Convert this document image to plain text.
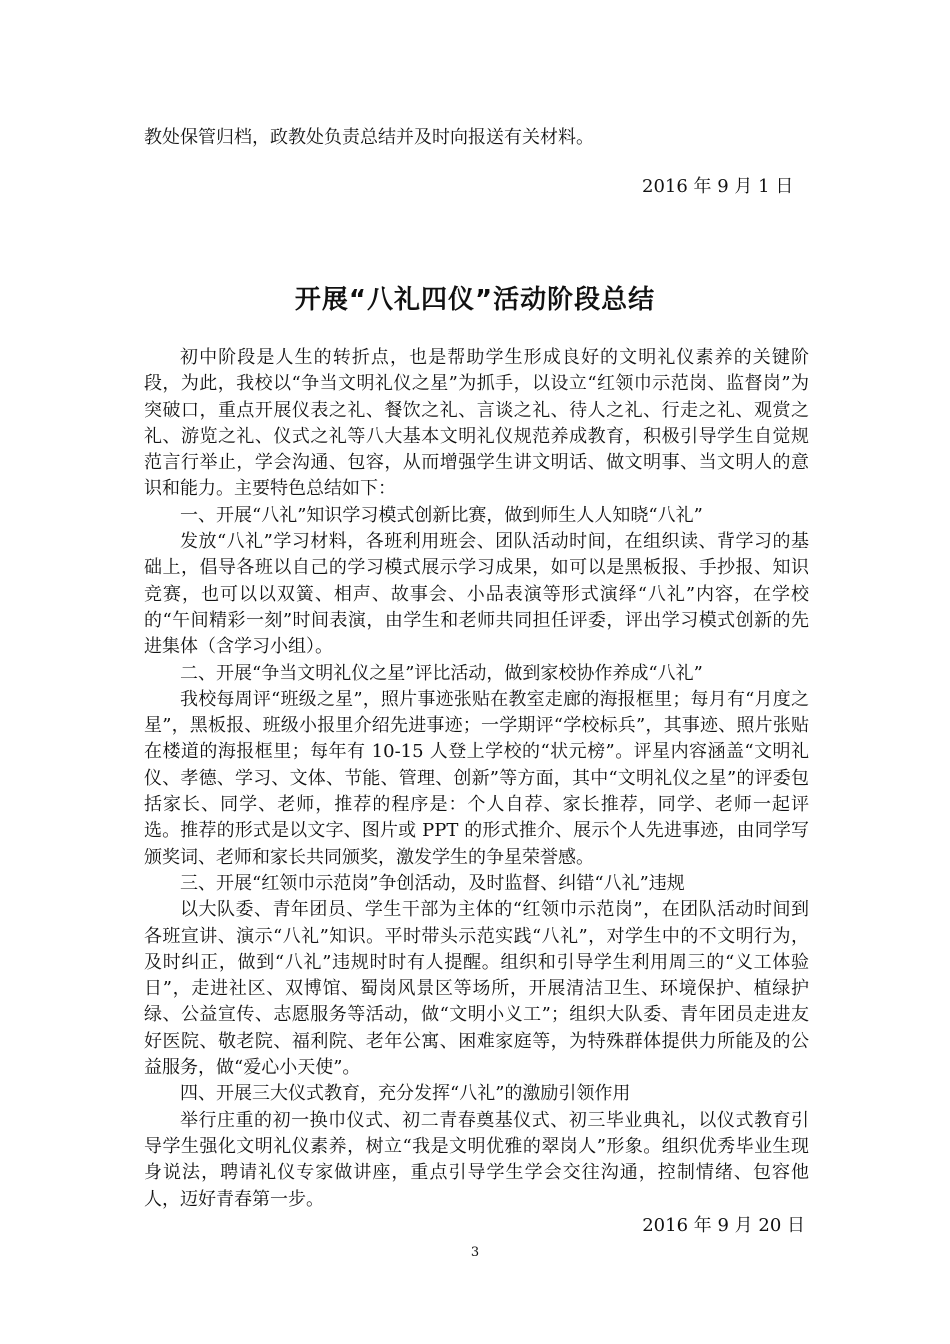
教处保管归档，政教处负责总结并及时向报送有关材料。
2016 年 9 月 1 日
开展“八礼四仪”活动阶段总结

初中阶段是人生的转折点，也是帮助学生形成良好的文明礼仪素养的关键阶段，为此，我校以“争当文明礼仪之星”为抓手，以设立“红领巾示范岗、监督岗”为突破口，重点开展仪表之礼、餐饮之礼、言谈之礼、待人之礼、行走之礼、观赏之礼、游览之礼、仪式之礼等八大基本文明礼仪规范养成教育，积极引导学生自觉规范言行举止，学会沟通、包容，从而增强学生讲文明话、做文明事、当文明人的意识和能力。主要特色总结如下：

一、开展“八礼”知识学习模式创新比赛，做到师生人人知晓“八礼”

发放“八礼”学习材料，各班利用班会、团队活动时间，在组织读、背学习的基础上，倡导各班以自己的学习模式展示学习成果，如可以是黑板报、手抄报、知识竞赛，也可以以双簧、相声、故事会、小品表演等形式演绎“八礼”内容，在学校的“午间精彩一刻”时间表演，由学生和老师共同担任评委，评出学习模式创新的先进集体（含学习小组）。

二、开展“争当文明礼仪之星”评比活动，做到家校协作养成“八礼”

我校每周评“班级之星”，照片事迹张贴在教室走廊的海报框里；每月有“月度之星”，黑板报、班级小报里介绍先进事迹；一学期评“学校标兵”，其事迹、照片张贴在楼道的海报框里；每年有 10-15 人登上学校的“状元榜”。评星内容涵盖“文明礼仪、孝德、学习、文体、节能、管理、创新”等方面，其中“文明礼仪之星”的评委包括家长、同学、老师，推荐的程序是：个人自荐、家长推荐，同学、老师一起评选。推荐的形式是以文字、图片或 PPT 的形式推介、展示个人先进事迹，由同学写颁奖词、老师和家长共同颁奖，激发学生的争星荣誉感。

三、开展“红领巾示范岗”争创活动，及时监督、纠错“八礼”违规

以大队委、青年团员、学生干部为主体的“红领巾示范岗”，在团队活动时间到各班宣讲、演示“八礼”知识。平时带头示范实践“八礼”，对学生中的不文明行为，及时纠正，做到“八礼”违规时时有人提醒。组织和引导学生利用周三的“义工体验日”，走进社区、双博馆、蜀岗风景区等场所，开展清洁卫生、环境保护、植绿护绿、公益宣传、志愿服务等活动，做“文明小义工”；组织大队委、青年团员走进友好医院、敬老院、福利院、老年公寓、困难家庭等，为特殊群体提供力所能及的公益服务，做“爱心小天使”。

四、开展三大仪式教育，充分发挥“八礼”的激励引领作用

举行庄重的初一换巾仪式、初二青春奠基仪式、初三毕业典礼，以仪式教育引导学生强化文明礼仪素养，树立“我是文明优雅的翠岗人”形象。组织优秀毕业生现身说法，聘请礼仪专家做讲座，重点引导学生学会交往沟通，控制情绪、包容他人，迈好青春第一步。

2016 年 9 月 20 日

3
